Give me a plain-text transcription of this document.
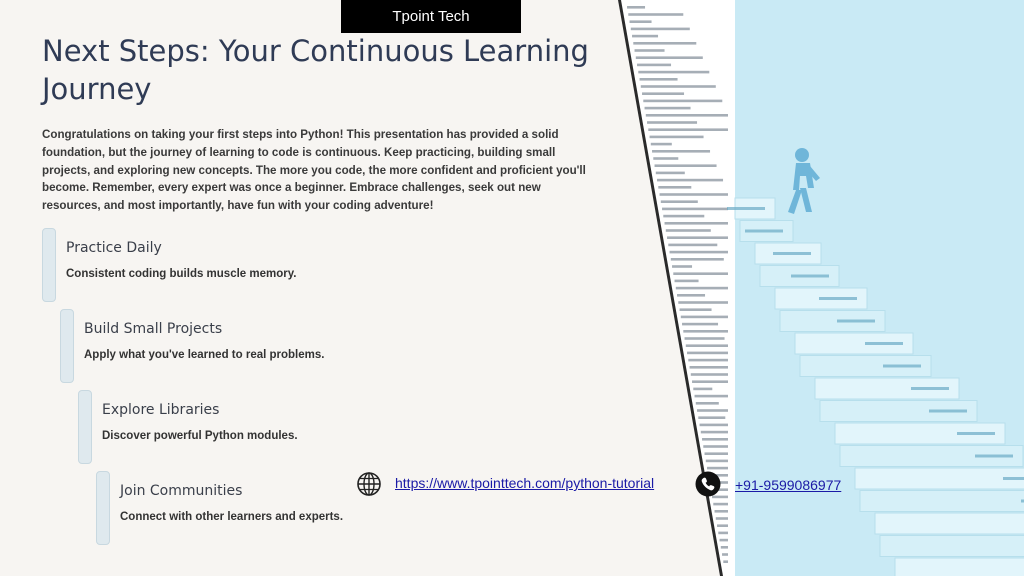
Tpoint Tech
Next Steps: Your Continuous Learning Journey

Congratulations on taking your first steps into Python! This presentation has provided a solid foundation, but the journey of learning to code is continuous. Keep practicing, building small projects, and exploring new concepts. The more you code, the more confident and proficient you'll become. Remember, every expert was once a beginner. Embrace challenges, seek out new resources, and most importantly, have fun with your coding adventure!

Practice Daily
Consistent coding builds muscle memory.
Build Small Projects
Apply what you've learned to real problems.
Explore Libraries
Discover powerful Python modules.
Join Communities
Connect with other learners and experts.
https://www.tpointtech.com/python-tutorial	+91-9599086977
